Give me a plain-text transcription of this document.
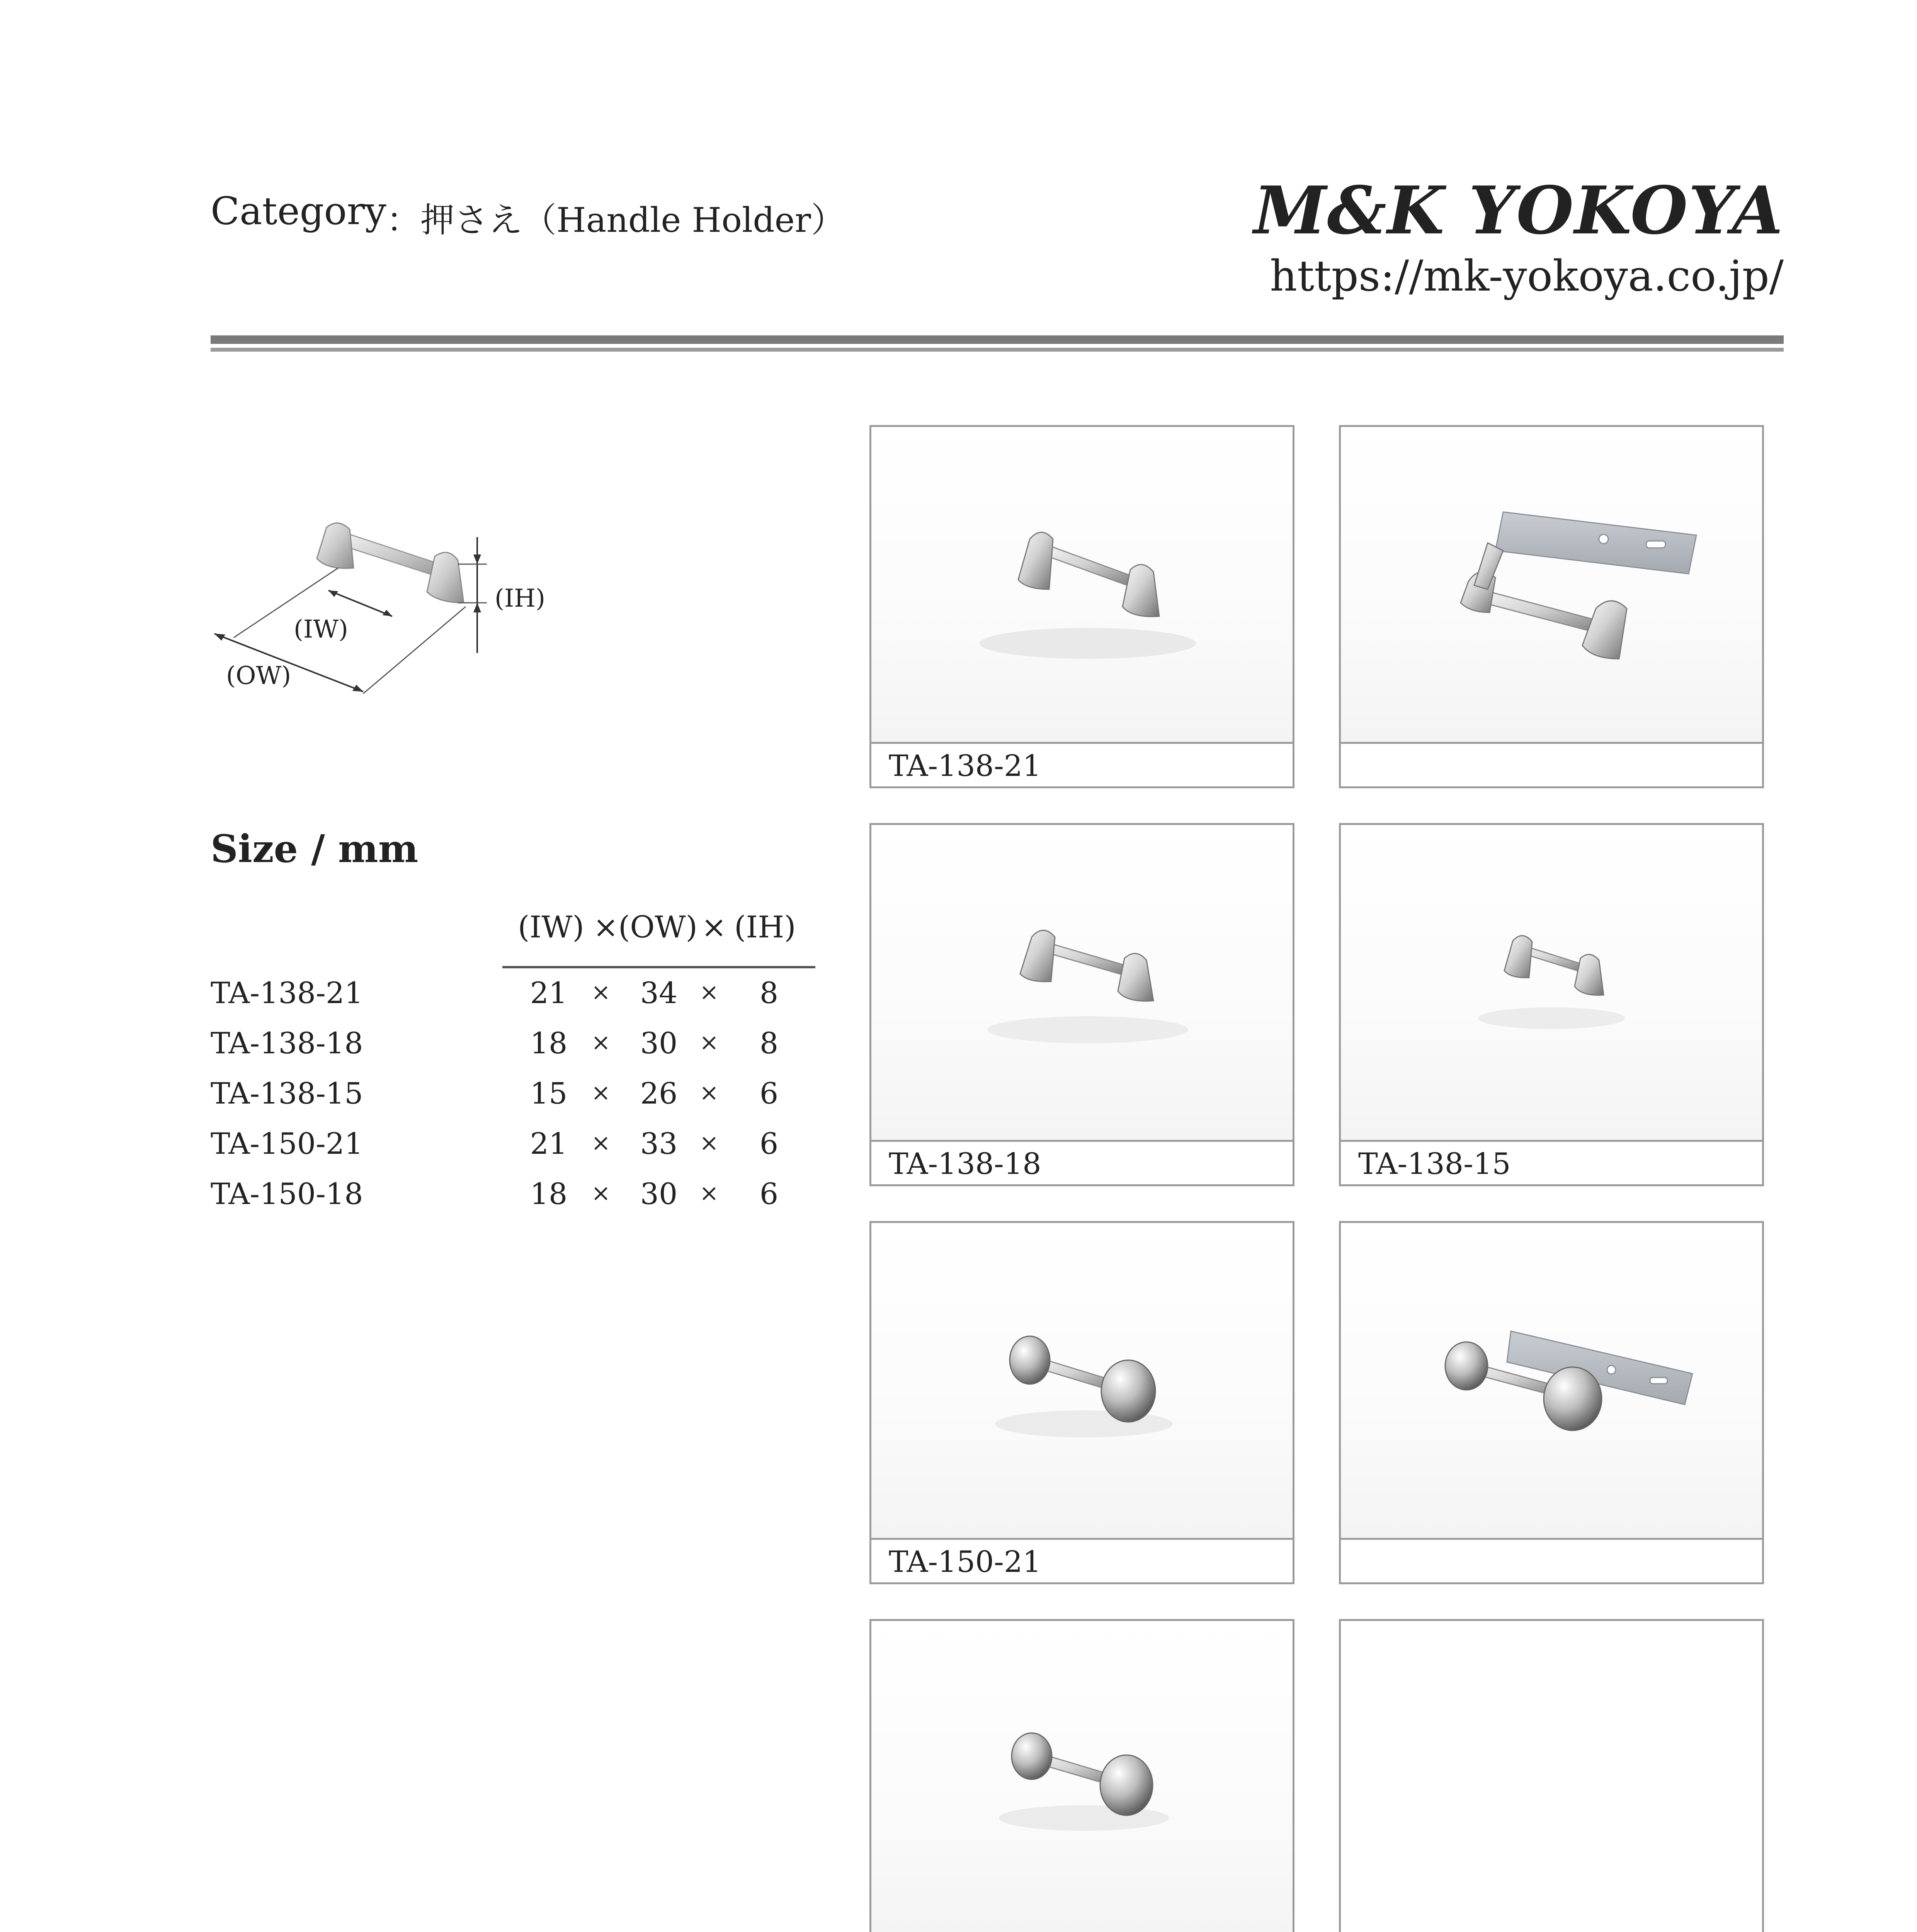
Category ：押さえ（Handle Holder）	M&K YOKOYA
https://mk-yokoya.co.jp/
(IW)
(OW)
(IH)
Size / mm
(IW) × (OW) × (IH)
TA-138-21	21 × 34 ×	8
TA-138-18	18 × 30 ×	8
TA-138-15	15 × 26 ×	6
TA-150-21	21 × 33 ×	6
TA-150-18	18 × 30 ×	6
TA-138-21
TA-138-18	TA-138-15
TA-150-21
